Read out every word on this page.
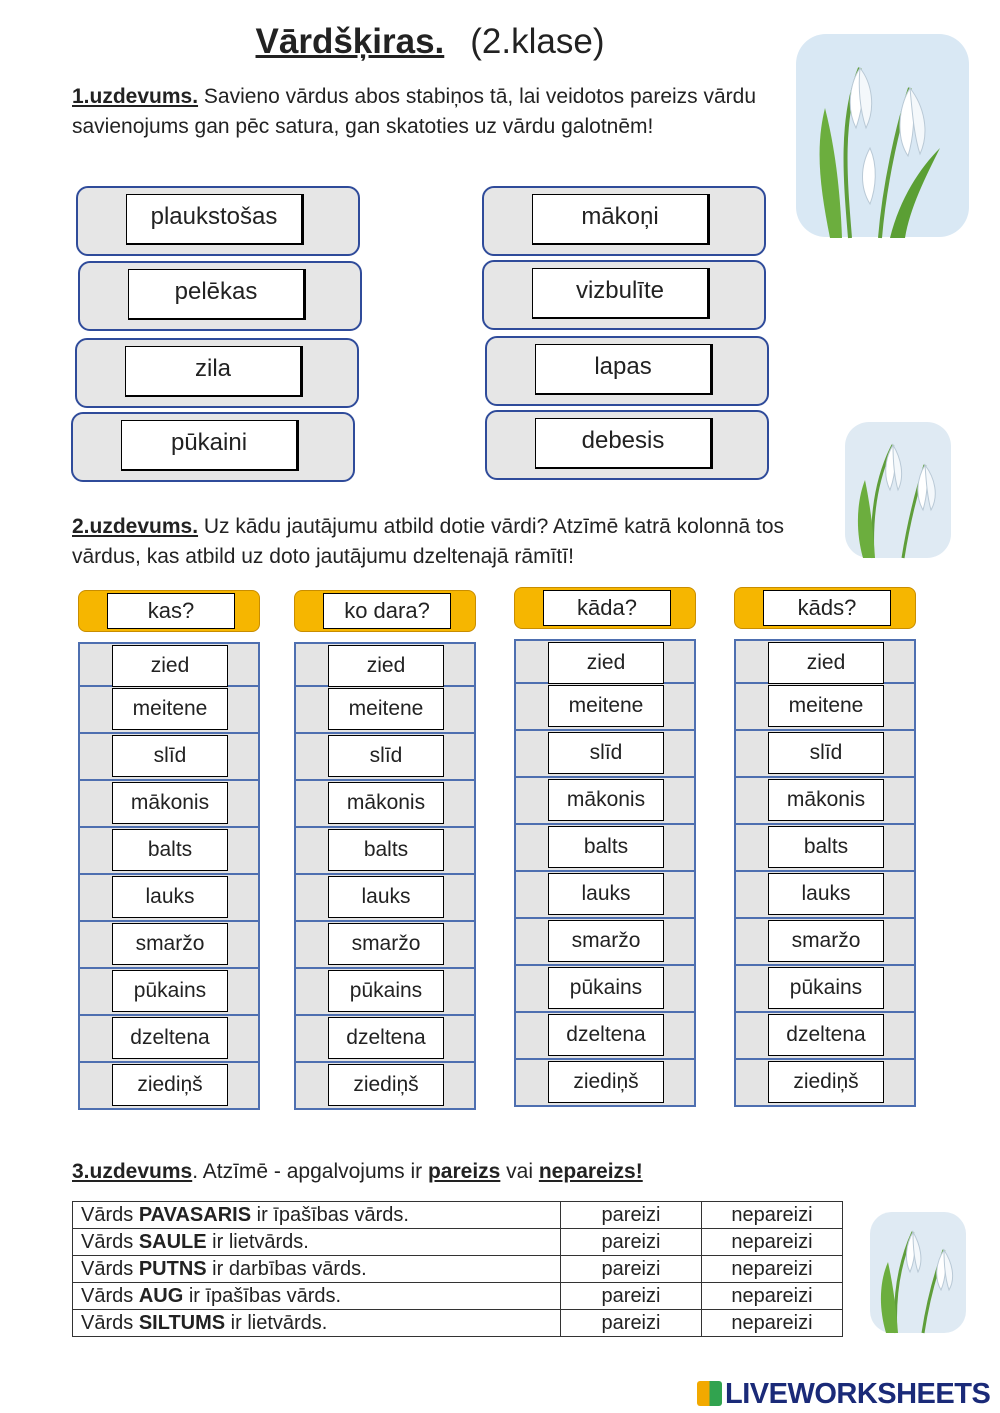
Vārdšķiras. (2.klase)
1.uzdevums. Savieno vārdus abos stabiņos tā, lai veidotos pareizs vārdu savienojums gan pēc satura, gan skatoties uz vārdu galotnēm!
plaukstošas
pelēkas
zila
pūkaini
mākoņi
vizbulīte
lapas
debesis
2.uzdevums. Uz kādu jautājumu atbild dotie vārdi? Atzīmē katrā kolonnā tos vārdus, kas atbild uz doto jautājumu dzeltenajā rāmītī!
kas?
zied
meitene
slīd
mākonis
balts
lauks
smaržo
pūkains
dzeltena
ziediņš
ko dara?
zied
meitene
slīd
mākonis
balts
lauks
smaržo
pūkains
dzeltena
ziediņš
kāda?
zied
meitene
slīd
mākonis
balts
lauks
smaržo
pūkains
dzeltena
ziediņš
kāds?
zied
meitene
slīd
mākonis
balts
lauks
smaržo
pūkains
dzeltena
ziediņš
3.uzdevums. Atzīmē - apgalvojums ir pareizs vai nepareizs!
Vārds PAVASARIS ir īpašības vārds.	pareizi	nepareizi
Vārds SAULE ir lietvārds.	pareizi	nepareizi
Vārds PUTNS ir darbības vārds.	pareizi	nepareizi
Vārds AUG ir īpašības vārds.	pareizi	nepareizi
Vārds SILTUMS ir lietvārds.	pareizi	nepareizi
LIVEWORKSHEETS
